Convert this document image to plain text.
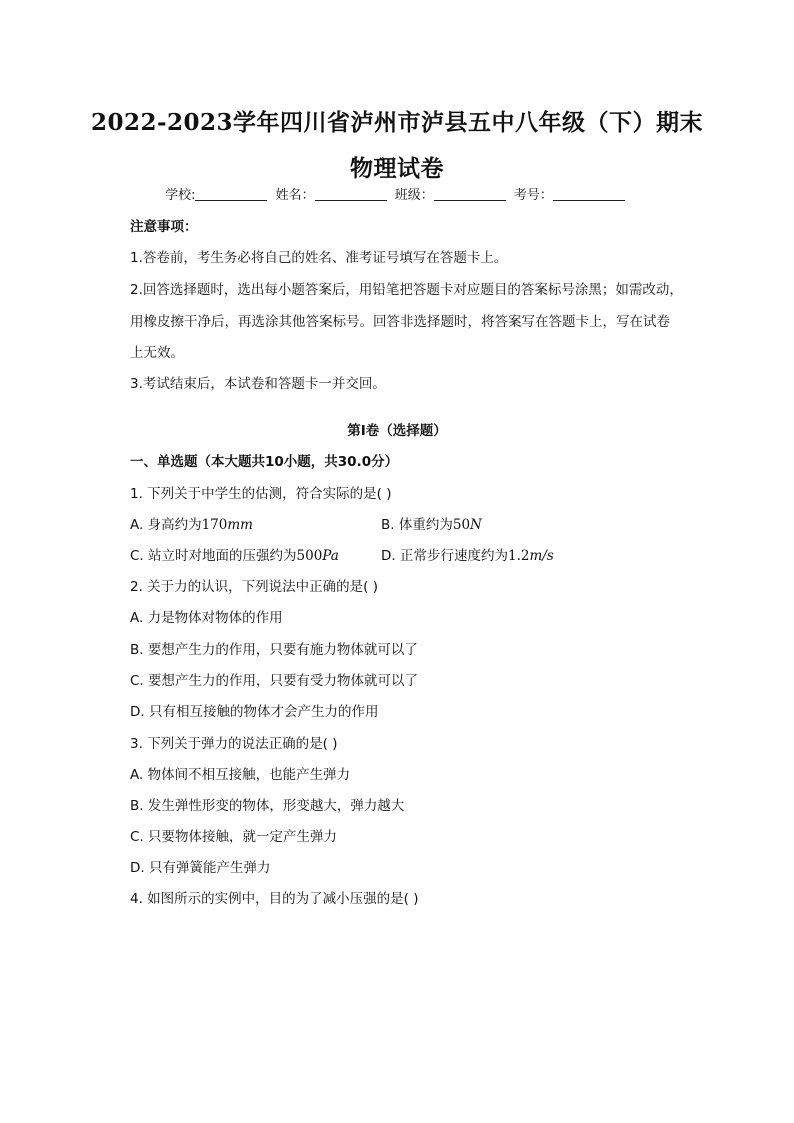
2022-2023学年四川省泸州市泸县五中八年级（下）期末物理试卷
学校:	姓名：	班级：	考号：
注意事项：
1.答卷前，考生务必将自己的姓名、准考证号填写在答题卡上。
2.回答选择题时，选出每小题答案后，用铅笔把答题卡对应题目的答案标号涂黑；如需改动，
用橡皮擦干净后，再选涂其他答案标号。回答非选择题时，将答案写在答题卡上，写在试卷
上无效。
3.考试结束后，本试卷和答题卡一并交回。
第Ⅰ卷（选择题）
一、单选题（本大题共10小题，共30.0分）
1. 下列关于中学生的估测，符合实际的是( )
A. 身高约为170mm	B. 体重约为50N
C. 站立时对地面的压强约为500Pa	D. 正常步行速度约为1.2m/s
2. 关于力的认识，下列说法中正确的是( )
A. 力是物体对物体的作用
B. 要想产生力的作用，只要有施力物体就可以了
C. 要想产生力的作用，只要有受力物体就可以了
D. 只有相互接触的物体才会产生力的作用
3. 下列关于弹力的说法正确的是( )
A. 物体间不相互接触，也能产生弹力
B. 发生弹性形变的物体，形变越大，弹力越大
C. 只要物体接触，就一定产生弹力
D. 只有弹簧能产生弹力
4. 如图所示的实例中，目的为了减小压强的是( )
